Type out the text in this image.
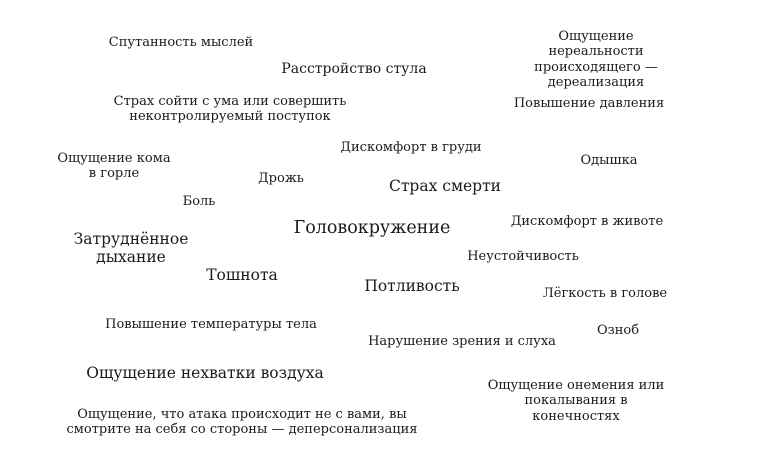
Спутанность мыслей
Расстройство стула
Ощущение нереальности
происходящего — дереализация
Страх сойти с ума или совершить
неконтролируемый поступок
Повышение давления
Ощущение кома
в горле
Дискомфорт в груди
Одышка
Дрожь	Страх смерти
Боль
Затруднённое
дыхание
Головокружение	Дискомфорт в животе
Неустойчивость
Тошнота
Потливость	Лёгкость в голове
Повышение температуры тела	Озноб
Нарушение зрения и слуха
Ощущение нехватки воздуха
Ощущение онемения или
покалывания в конечностях
Ощущение, что атака происходит не с вами, вы
смотрите на себя со стороны — деперсонализация
